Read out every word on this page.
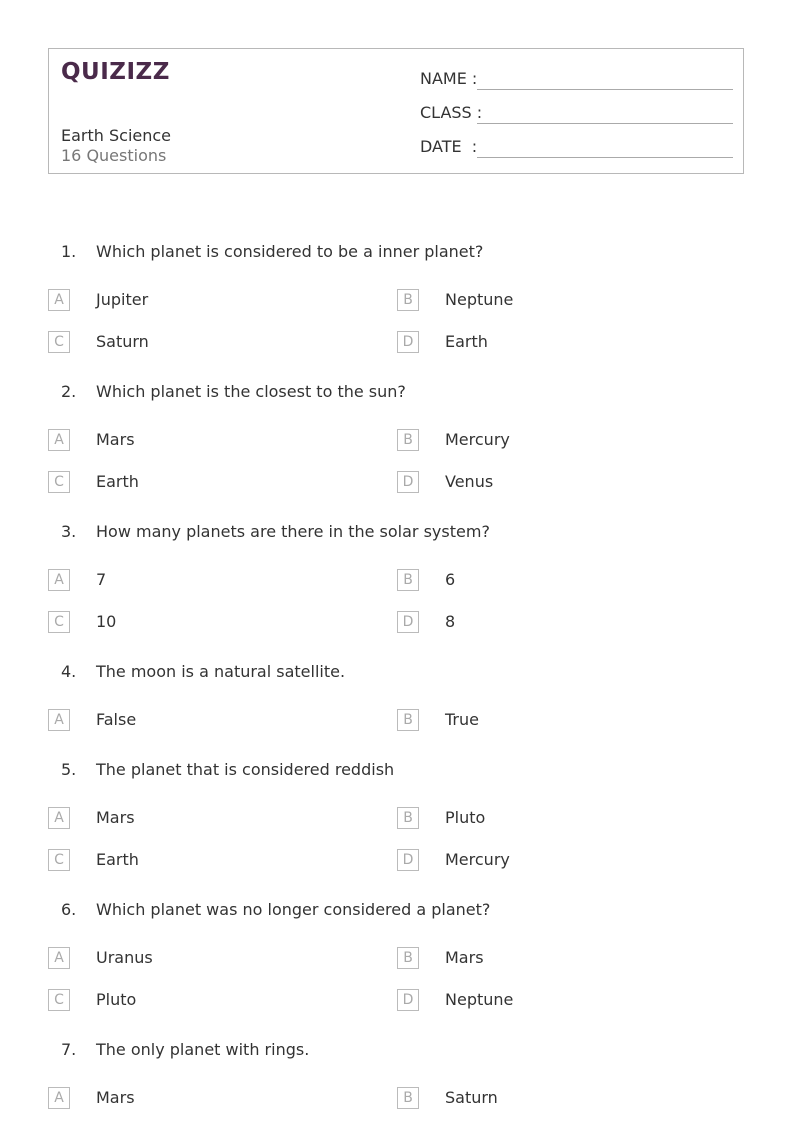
QUIZIZZ
Earth Science
16 Questions
NAME :
CLASS :
DATE  :
1. Which planet is considered to be a inner planet?
A	Jupiter	B	Neptune
C	Saturn	D	Earth
2. Which planet is the closest to the sun?
A	Mars	B	Mercury
C	Earth	D	Venus
3. How many planets are there in the solar system?
A	7	B	6
C	10	D	8
4. The moon is a natural satellite.
A	False	B	True
5. The planet that is considered reddish
A	Mars	B	Pluto
C	Earth	D	Mercury
6. Which planet was no longer considered a planet?
A	Uranus	B	Mars
C	Pluto	D	Neptune
7. The only planet with rings.
A	Mars	B	Saturn
